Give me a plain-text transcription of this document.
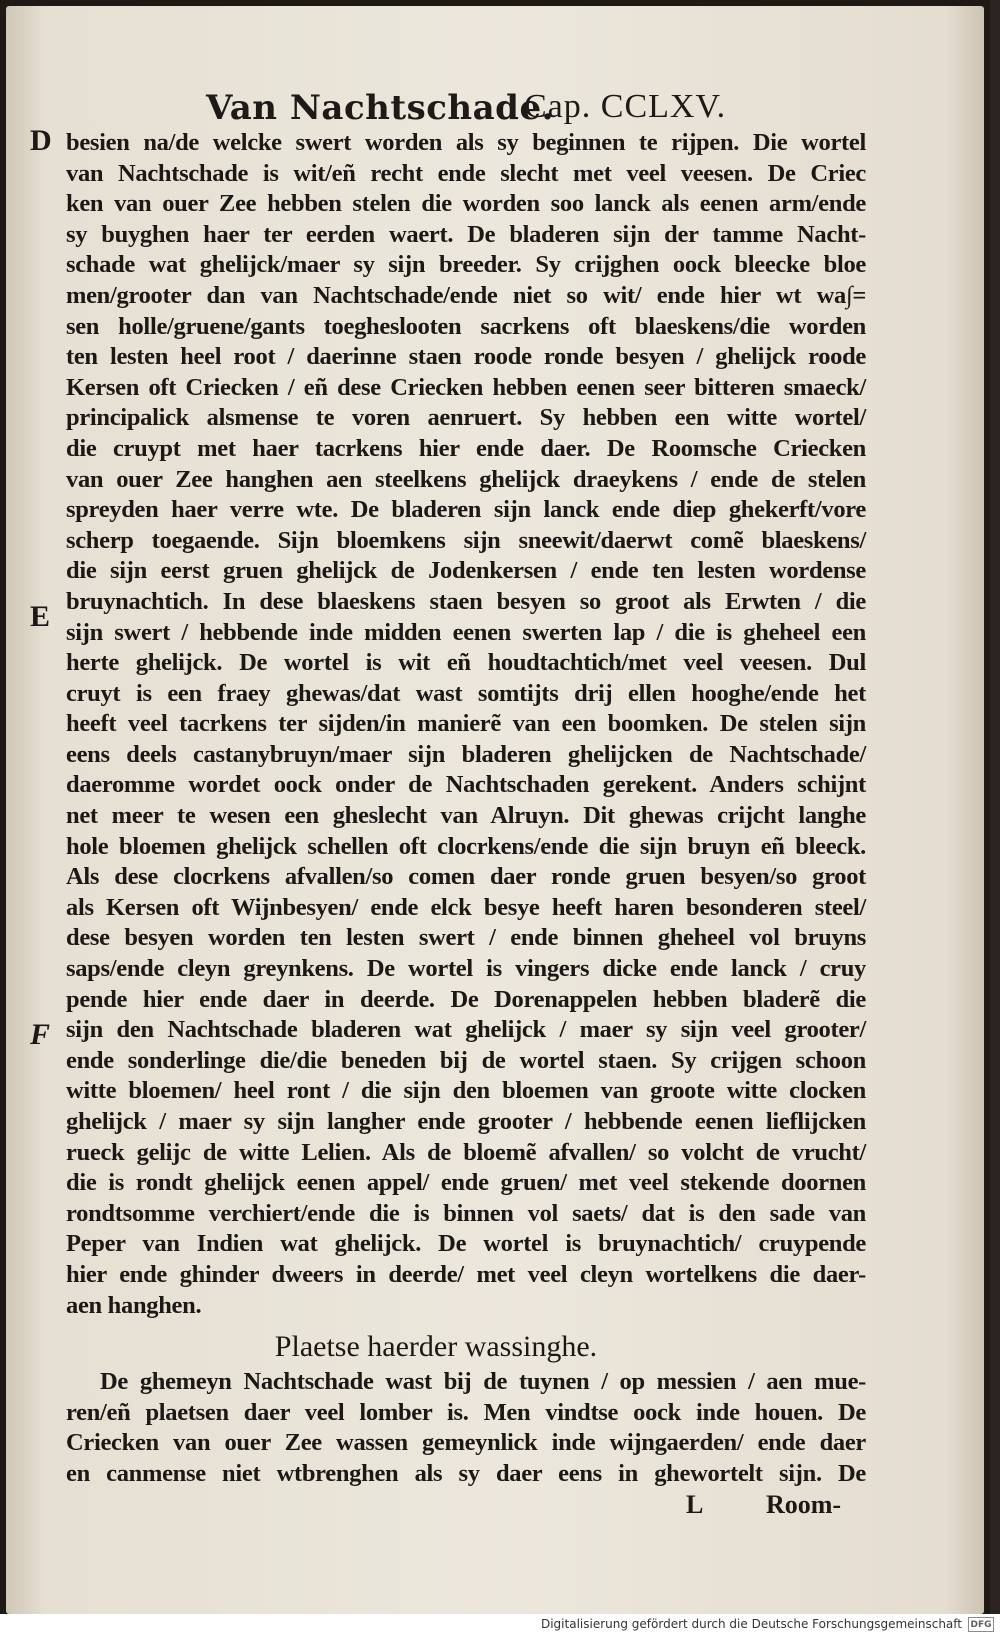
Van Nachtschade.
Cap. CCLXV.
D
E
F
besien na/de welcke swert worden als sy beginnen te rijpen. Die wortel
van Nachtschade is wit/eñ recht ende slecht met veel veesen. De Criec
ken van ouer Zee hebben stelen die worden soo lanck als eenen arm/ende
sy buyghen haer ter eerden waert. De bladeren sijn der tamme Nacht-
schade wat ghelijck/maer sy sijn breeder. Sy crijghen oock bleecke bloe
men/grooter dan van Nachtschade/ende niet so wit/ ende hier wt wa∫=
sen holle/gruene/gants toegheslooten sacrkens oft blaeskens/die worden
ten lesten heel root / daerinne staen roode ronde besyen / ghelijck roode
Kersen oft Criecken / eñ dese Criecken hebben eenen seer bitteren smaeck/
principalick alsmense te voren aenruert. Sy hebben een witte wortel/
die cruypt met haer tacrkens hier ende daer. De Roomsche Criecken
van ouer Zee hanghen aen steelkens ghelijck draeykens / ende de stelen
spreyden haer verre wte. De bladeren sijn lanck ende diep ghekerft/vore
scherp toegaende. Sijn bloemkens sijn sneewit/daerwt comẽ blaeskens/
die sijn eerst gruen ghelijck de Jodenkersen / ende ten lesten wordense
bruynachtich. In dese blaeskens staen besyen so groot als Erwten / die
sijn swert / hebbende inde midden eenen swerten lap / die is gheheel een
herte ghelijck. De wortel is wit eñ houdtachtich/met veel veesen. Dul
cruyt is een fraey ghewas/dat wast somtijts drij ellen hooghe/ende het
heeft veel tacrkens ter sijden/in manierẽ van een boomken. De stelen sijn
eens deels castanybruyn/maer sijn bladeren ghelijcken de Nachtschade/
daeromme wordet oock onder de Nachtschaden gerekent. Anders schijnt
net meer te wesen een gheslecht van Alruyn. Dit ghewas crijcht langhe
hole bloemen ghelijck schellen oft clocrkens/ende die sijn bruyn eñ bleeck.
Als dese clocrkens afvallen/so comen daer ronde gruen besyen/so groot
als Kersen oft Wijnbesyen/ ende elck besye heeft haren besonderen steel/
dese besyen worden ten lesten swert / ende binnen gheheel vol bruyns
saps/ende cleyn greynkens. De wortel is vingers dicke ende lanck / cruy
pende hier ende daer in deerde. De Dorenappelen hebben bladerẽ die
sijn den Nachtschade bladeren wat ghelijck / maer sy sijn veel grooter/
ende sonderlinge die/die beneden bij de wortel staen. Sy crijgen schoon
witte bloemen/ heel ront / die sijn den bloemen van groote witte clocken
ghelijck / maer sy sijn langher ende grooter / hebbende eenen lieflijcken
rueck gelijc de witte Lelien. Als de bloemẽ afvallen/ so volcht de vrucht/
die is rondt ghelijck eenen appel/ ende gruen/ met veel stekende doornen
rondtsomme verchiert/ende die is binnen vol saets/ dat is den sade van
Peper van Indien wat ghelijck. De wortel is bruynachtich/ cruypende
hier ende ghinder dweers in deerde/ met veel cleyn wortelkens die daer-
aen hanghen.
Plaetse haerder wassinghe.
De ghemeyn Nachtschade wast bij de tuynen / op messien / aen mue-
ren/eñ plaetsen daer veel lomber is. Men vindtse oock inde houen. De
Criecken van ouer Zee wassen gemeynlick inde wijngaerden/ ende daer
en canmense niet wtbrenghen als sy daer eens in ghewortelt sijn. De
L Room-
Digitalisierung gefördert durch die Deutsche Forschungsgemeinschaft DFG
